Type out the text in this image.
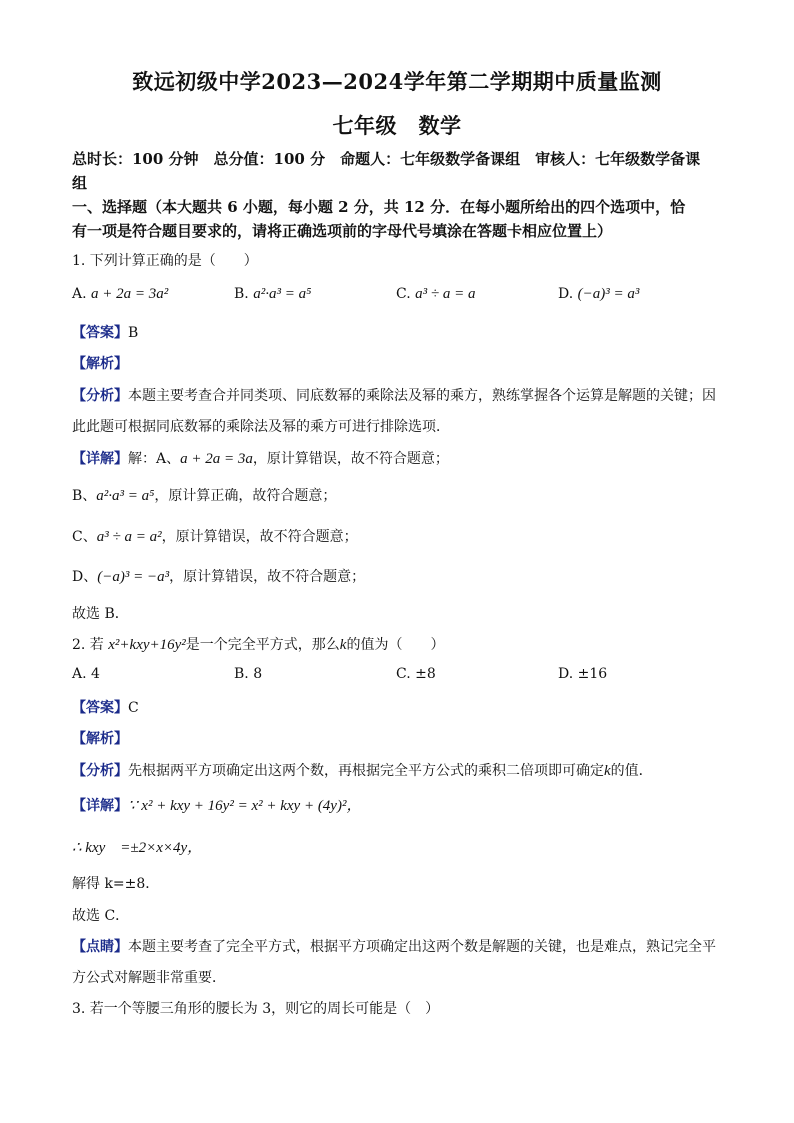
致远初级中学2023—2024学年第二学期期中质量监测
七年级　数学
总时长：100 分钟　总分值：100 分　命题人：七年级数学备课组　审核人：七年级数学备课
组
一、选择题（本大题共 6 小题，每小题 2 分，共 12 分．在每小题所给出的四个选项中，恰
有一项是符合题目要求的，请将正确选项前的字母代号填涂在答题卡相应位置上）
1. 下列计算正确的是（　　）
A. a + 2a = 3a²	B. a²·a³ = a⁵	C. a³ ÷ a = a	D. (−a)³ = a³
【答案】B
【解析】
【分析】本题主要考查合并同类项、同底数幂的乘除法及幂的乘方，熟练掌握各个运算是解题的关键；因
此此题可根据同底数幂的乘除法及幂的乘方可进行排除选项．
【详解】解：A、a + 2a = 3a，原计算错误，故不符合题意；
B、a²·a³ = a⁵，原计算正确，故符合题意；
C、a³ ÷ a = a²，原计算错误，故不符合题意；
D、(−a)³ = −a³，原计算错误，故不符合题意；
故选 B．
2. 若 x²+kxy+16y²是一个完全平方式，那么k的值为（　　）
A. 4	B. 8	C. ±8	D. ±16
【答案】C
【解析】
【分析】先根据两平方项确定出这两个数，再根据完全平方公式的乘积二倍项即可确定k的值．
【详解】∵ x² + kxy + 16y² = x² + kxy + (4y)²，
∴ kxy　=±2×x×4y，
解得 k=±8．
故选 C．
【点睛】本题主要考查了完全平方式，根据平方项确定出这两个数是解题的关键，也是难点，熟记完全平
方公式对解题非常重要．
3. 若一个等腰三角形的腰长为 3，则它的周长可能是（　）
